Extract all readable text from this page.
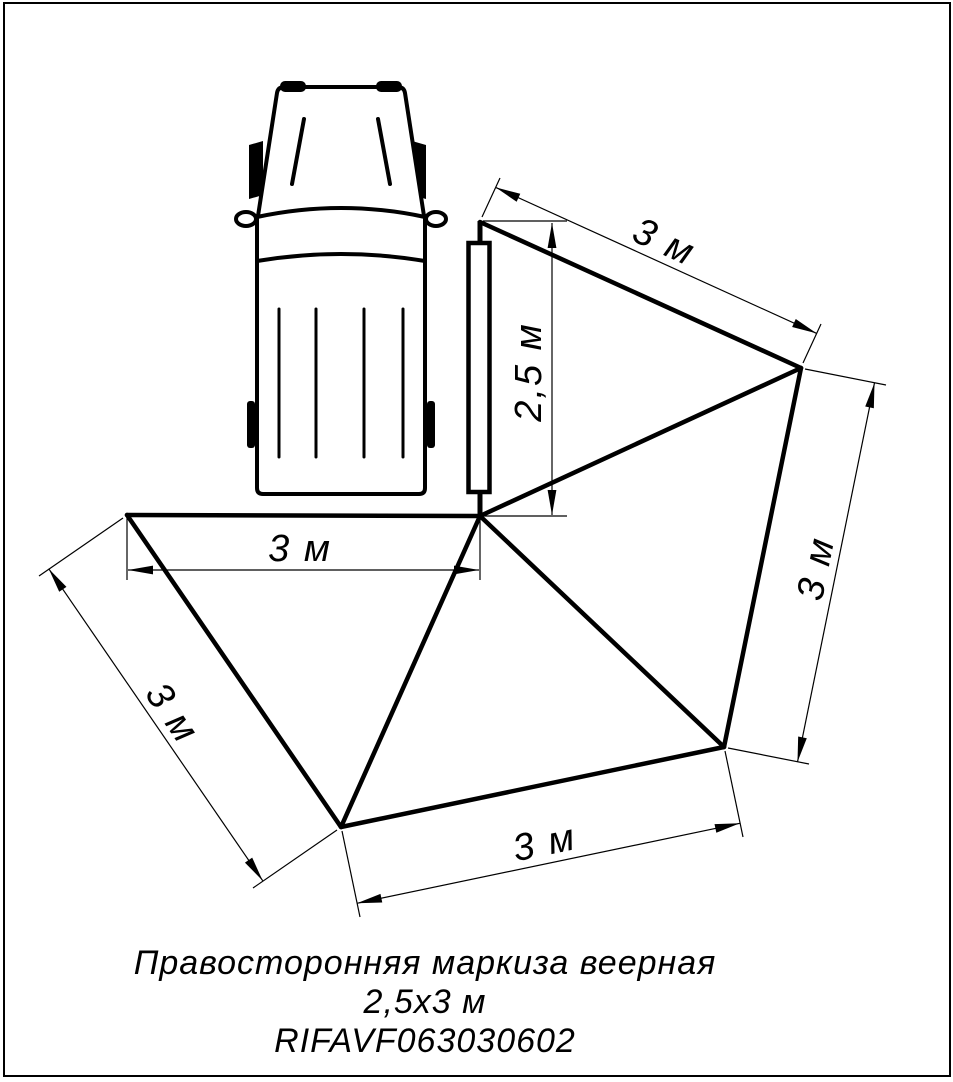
2,5 м
3 м
3 м
3 м
3 м
3 м
Правосторонняя маркиза веерная
2,5x3 м
RIFAVF063030602
